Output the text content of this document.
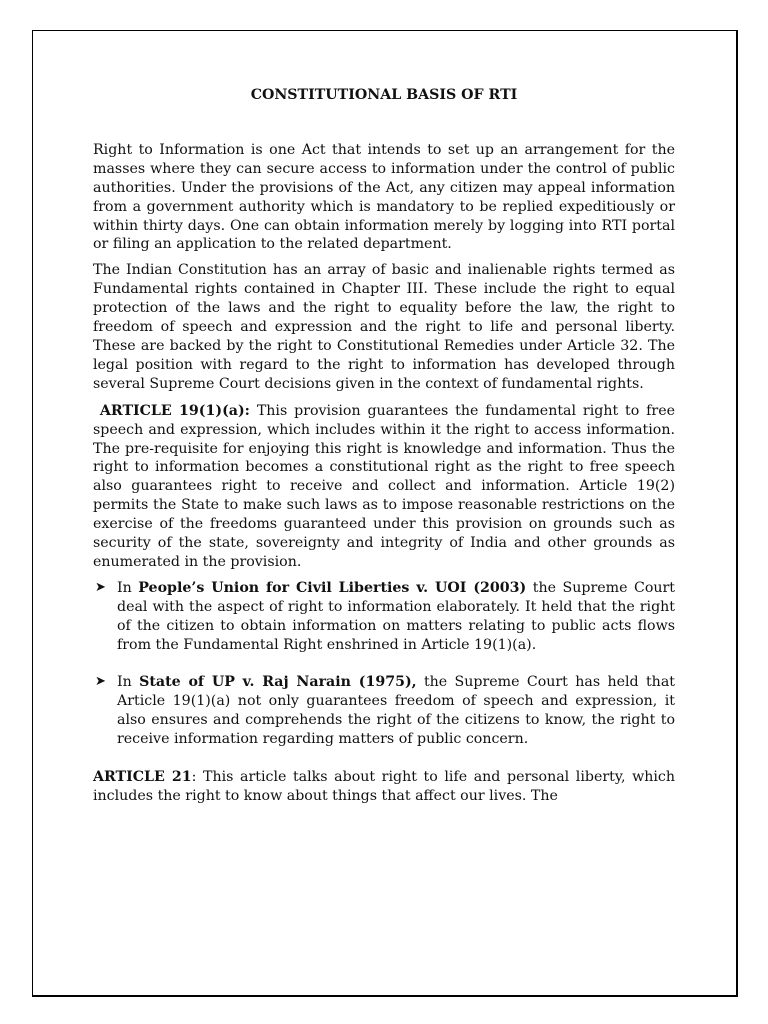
CONSTITUTIONAL BASIS OF RTI

Right to Information is one Act that intends to set up an arrangement for the masses where they can secure access to information under the control of public authorities. Under the provisions of the Act, any citizen may appeal information from a government authority which is mandatory to be replied expeditiously or within thirty days. One can obtain information merely by logging into RTI portal or filing an application to the related department.

The Indian Constitution has an array of basic and inalienable rights termed as Fundamental rights contained in Chapter III. These include the right to equal protection of the laws and the right to equality before the law, the right to freedom of speech and expression and the right to life and personal liberty. These are backed by the right to Constitutional Remedies under Article 32. The legal position with regard to the right to information has developed through several Supreme Court decisions given in the context of fundamental rights.

ARTICLE 19(1)(a): This provision guarantees the fundamental right to free speech and expression, which includes within it the right to access information. The pre-requisite for enjoying this right is knowledge and information. Thus the right to information becomes a constitutional right as the right to free speech also guarantees right to receive and collect and information. Article 19(2) permits the State to make such laws as to impose reasonable restrictions on the exercise of the freedoms guaranteed under this provision on grounds such as security of the state, sovereignty and integrity of India and other grounds as enumerated in the provision.

➤ In People’s Union for Civil Liberties v. UOI (2003) the Supreme Court deal with the aspect of right to information elaborately. It held that the right of the citizen to obtain information on matters relating to public acts flows from the Fundamental Right enshrined in Article 19(1)(a).
➤ In State of UP v. Raj Narain (1975), the Supreme Court has held that Article 19(1)(a) not only guarantees freedom of speech and expression, it also ensures and comprehends the right of the citizens to know, the right to receive information regarding matters of public concern.

ARTICLE 21: This article talks about right to life and personal liberty, which includes the right to know about things that affect our lives. The
